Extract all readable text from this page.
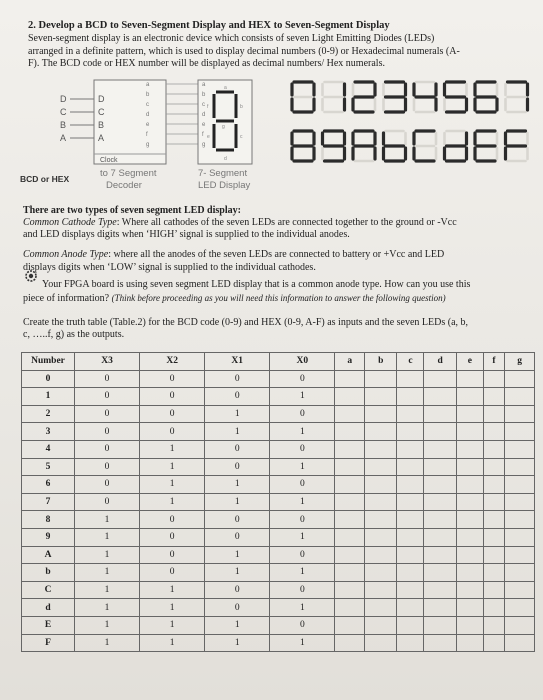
2. Develop a BCD to Seven-Segment Display and HEX to Seven-Segment Display
Seven-segment display is an electronic device which consists of seven Light Emitting Diodes (LEDs)
arranged in a definite pattern, which is used to display decimal numbers (0-9) or Hexadecimal numerals (A-
F). The BCD code or HEX number will be displayed as decimal numbers/ Hex numerals.
D
C
B
A
D
C
B
A
Clock
a
b
c
d
e
f
g
a
b
c
d
e
f
g
a
b
c
d
e
f
g
0	1	2	3	4	5	6	7
8	9	A	b	C	d	E	F
BCD or HEX	to 7 Segment
Decoder
7- Segment
LED Display
There are two types of seven segment LED display:
Common Cathode Type: Where all cathodes of the seven LEDs are connected together to the ground or -Vcc
and LED displays digits when ‘HIGH’ signal is supplied to the individual anodes.
Common Anode Type: where all the anodes of the seven LEDs are connected to battery or +Vcc and LED
displays digits when ‘LOW’ signal is supplied to the individual cathodes.
Your FPGA board is using seven segment LED display that is a common anode type. How can you use this
piece of information? (Think before proceeding as you will need this information to answer the following question)
Create the truth table (Table.2) for the BCD code (0-9) and HEX (0-9, A-F) as inputs and the seven LEDs (a, b,
c, …..f, g) as the outputs.
Number	X3	X2	X1	X0	a	b	c	d	e	f	g
0	0	0	0	0							
1	0	0	0	1							
2	0	0	1	0							
3	0	0	1	1							
4	0	1	0	0							
5	0	1	0	1							
6	0	1	1	0							
7	0	1	1	1							
8	1	0	0	0							
9	1	0	0	1							
A	1	0	1	0							
b	1	0	1	1							
C	1	1	0	0							
d	1	1	0	1							
E	1	1	1	0							
F	1	1	1	1							
